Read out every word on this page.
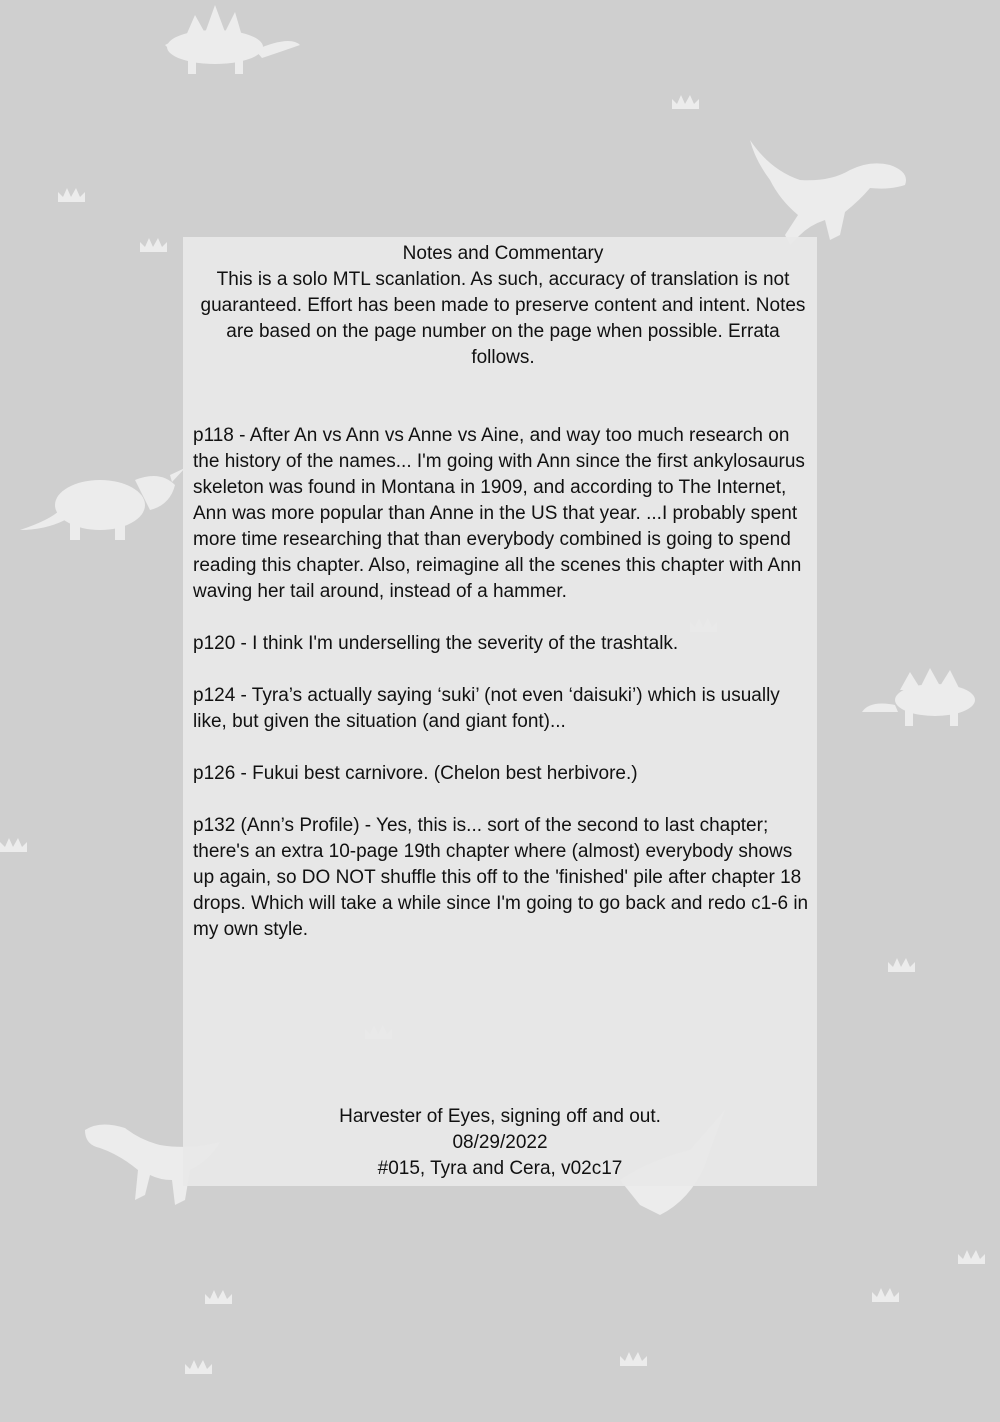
Notes and Commentary

This is a solo MTL scanlation. As such, accuracy of translation is not guaranteed. Effort has been made to preserve content and intent. Notes are based on the page number on the page when possible. Errata follows.

p118 - After An vs Ann vs Anne vs Aine, and way too much research on the history of the names... I'm going with Ann since the first ankylosaurus skeleton was found in Montana in 1909, and according to The Internet, Ann was more popular than Anne in the US that year. ...I probably spent more time researching that than everybody combined is going to spend reading this chapter. Also, reimagine all the scenes this chapter with Ann waving her tail around, instead of a hammer.

p120 - I think I'm underselling the severity of the trashtalk.

p124 - Tyra’s actually saying ‘suki’ (not even ‘daisuki’) which is usually like, but given the situation (and giant font)...

p126 - Fukui best carnivore. (Chelon best herbivore.)

p132 (Ann’s Profile) - Yes, this is... sort of the second to last chapter; there's an extra 10-page 19th chapter where (almost) everybody shows up again, so DO NOT shuffle this off to the 'finished' pile after chapter 18 drops. Which will take a while since I'm going to go back and redo c1-6 in my own style.

Harvester of Eyes, signing off and out.

08/29/2022

#015, Tyra and Cera, v02c17
